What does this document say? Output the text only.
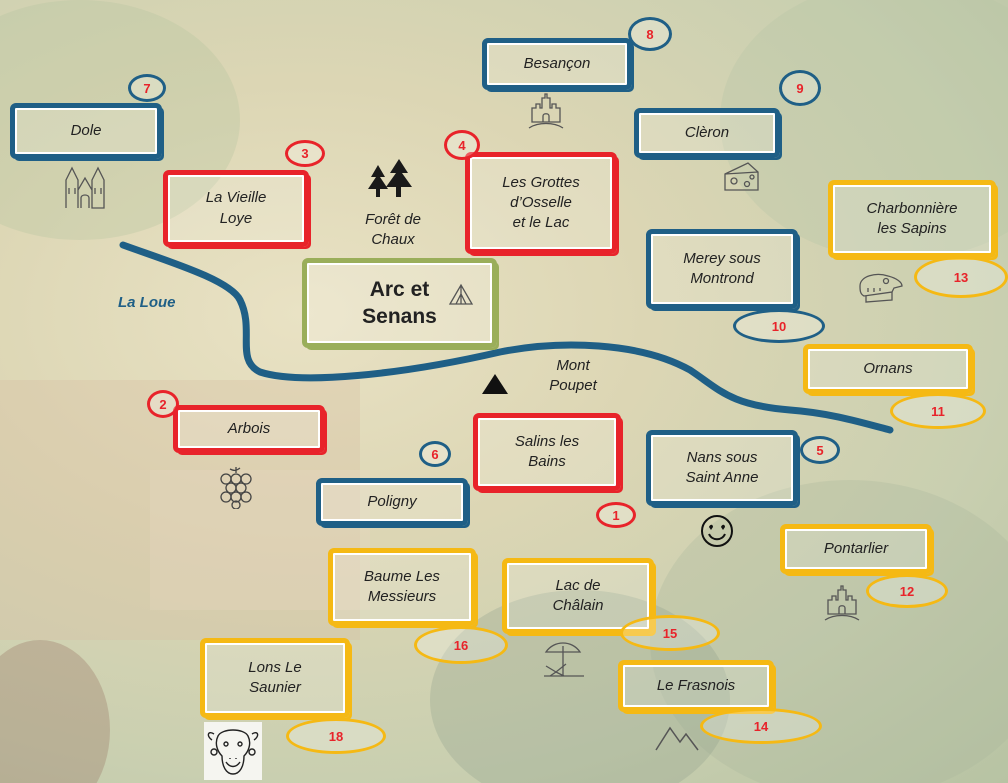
La Loue
Arc et
Senans
Forêt de
Chaux
Mont
Poupet
Salins les
Bains
1
Arbois
2
La Vieille
Loye
3
Les Grottes
d’Osselle
et le Lac
4
Nans sous
Saint Anne
5
Poligny
6
Dole
7
Besançon
8
Clèron
9
Merey sous
Montrond
10
Ornans
11
Pontarlier
12
Charbonnière
les Sapins
13
Le Frasnois
14
Lac de
Châlain
15
Baume Les
Messieurs
16
Lons Le
Saunier
18
